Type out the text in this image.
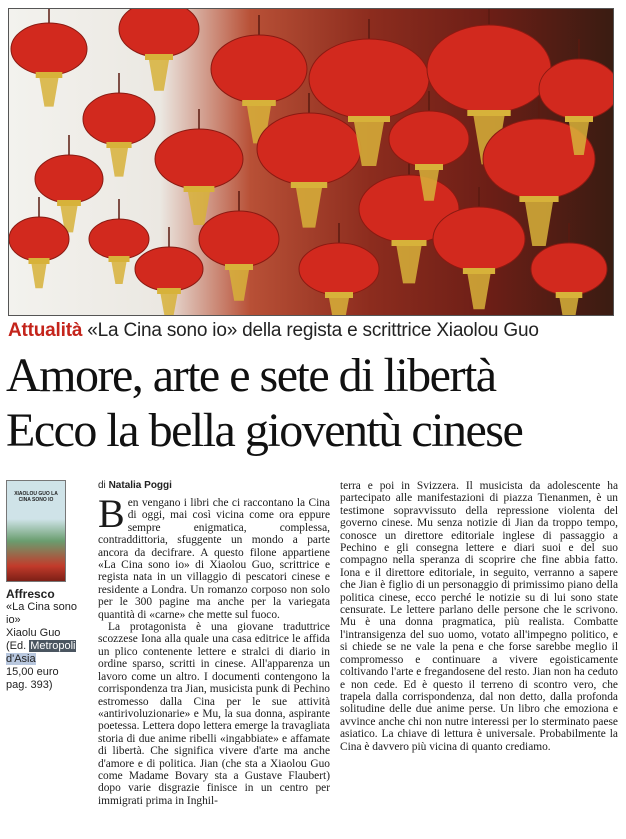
Attualità «La Cina sono io» della regista e scrittrice Xiaolou Guo
Amore, arte e sete di libertà
Ecco la bella gioventù cinese
XIAOLOU GUO LA CINA SONO IO
Affresco
«La Cina sono io»
Xiaolu Guo
(Ed. Metropoli
d'Asia
15,00 euro
pag. 393)
di Natalia Poggi

Ben vengano i libri che ci raccontano la Cina di oggi, mai così vicina come ora eppure sempre enigmatica, complessa, contraddittoria, sfuggente un mondo a parte ancora da decifrare. A questo filone appartiene «La Cina sono io» di Xiaolou Guo, scrittrice e regista nata in un villaggio di pescatori cinese e residente a Londra. Un romanzo corposo non solo per le 300 pagine ma anche per la variegata quantità di «carne» che mette sul fuoco.

La protagonista è una giovane traduttrice scozzese Iona alla quale una casa editrice le affida un plico contenente lettere e stralci di diario in ordine sparso, scritti in cinese. All'apparenza un lavoro come un altro. I documenti contengono la corrispondenza tra Jian, musicista punk di Pechino estromesso dalla Cina per le sue attività «antirivoluzionarie» e Mu, la sua donna, aspirante poetessa. Lettera dopo lettera emerge la travagliata storia di due anime ribelli «ingabbiate» e affamate di libertà. Che significa vivere d'arte ma anche d'amore e di politica. Jian (che sta a Xiaolou Guo come Madame Bovary sta a Gustave Flaubert) dopo varie disgrazie finisce in un centro per immigrati prima in Inghil-

terra e poi in Svizzera. Il musicista da adolescente ha partecipato alle manifestazioni di piazza Tienanmen, è un testimone sopravvissuto della repressione violenta del governo cinese. Mu senza notizie di Jian da troppo tempo, conosce un direttore editoriale inglese di passaggio a Pechino e gli consegna lettere e diari suoi e del suo compagno nella speranza di scoprire che fine abbia fatto. Iona e il direttore editoriale, in seguito, verranno a sapere che Jian è figlio di un personaggio di primissimo piano della politica cinese, ecco perché le notizie su di lui sono state censurate. Le lettere parlano delle persone che le scrivono. Mu è una donna pragmatica, più realista. Combatte l'intransigenza del suo uomo, votato all'impegno politico, e si chiede se ne vale la pena e che forse sarebbe meglio il compromesso e continuare a vivere egoisticamente coltivando l'arte e fregandosene del resto. Jian non ha ceduto e non cede. Ed è questo il terreno di scontro vero, che trapela dalla corrispondenza, dal non detto, dalla profonda solitudine delle due anime perse. Un libro che emoziona e avvince anche chi non nutre interessi per lo sterminato paese asiatico. La chiave di lettura è universale. Probabilmente la Cina è davvero più vicina di quanto crediamo.
